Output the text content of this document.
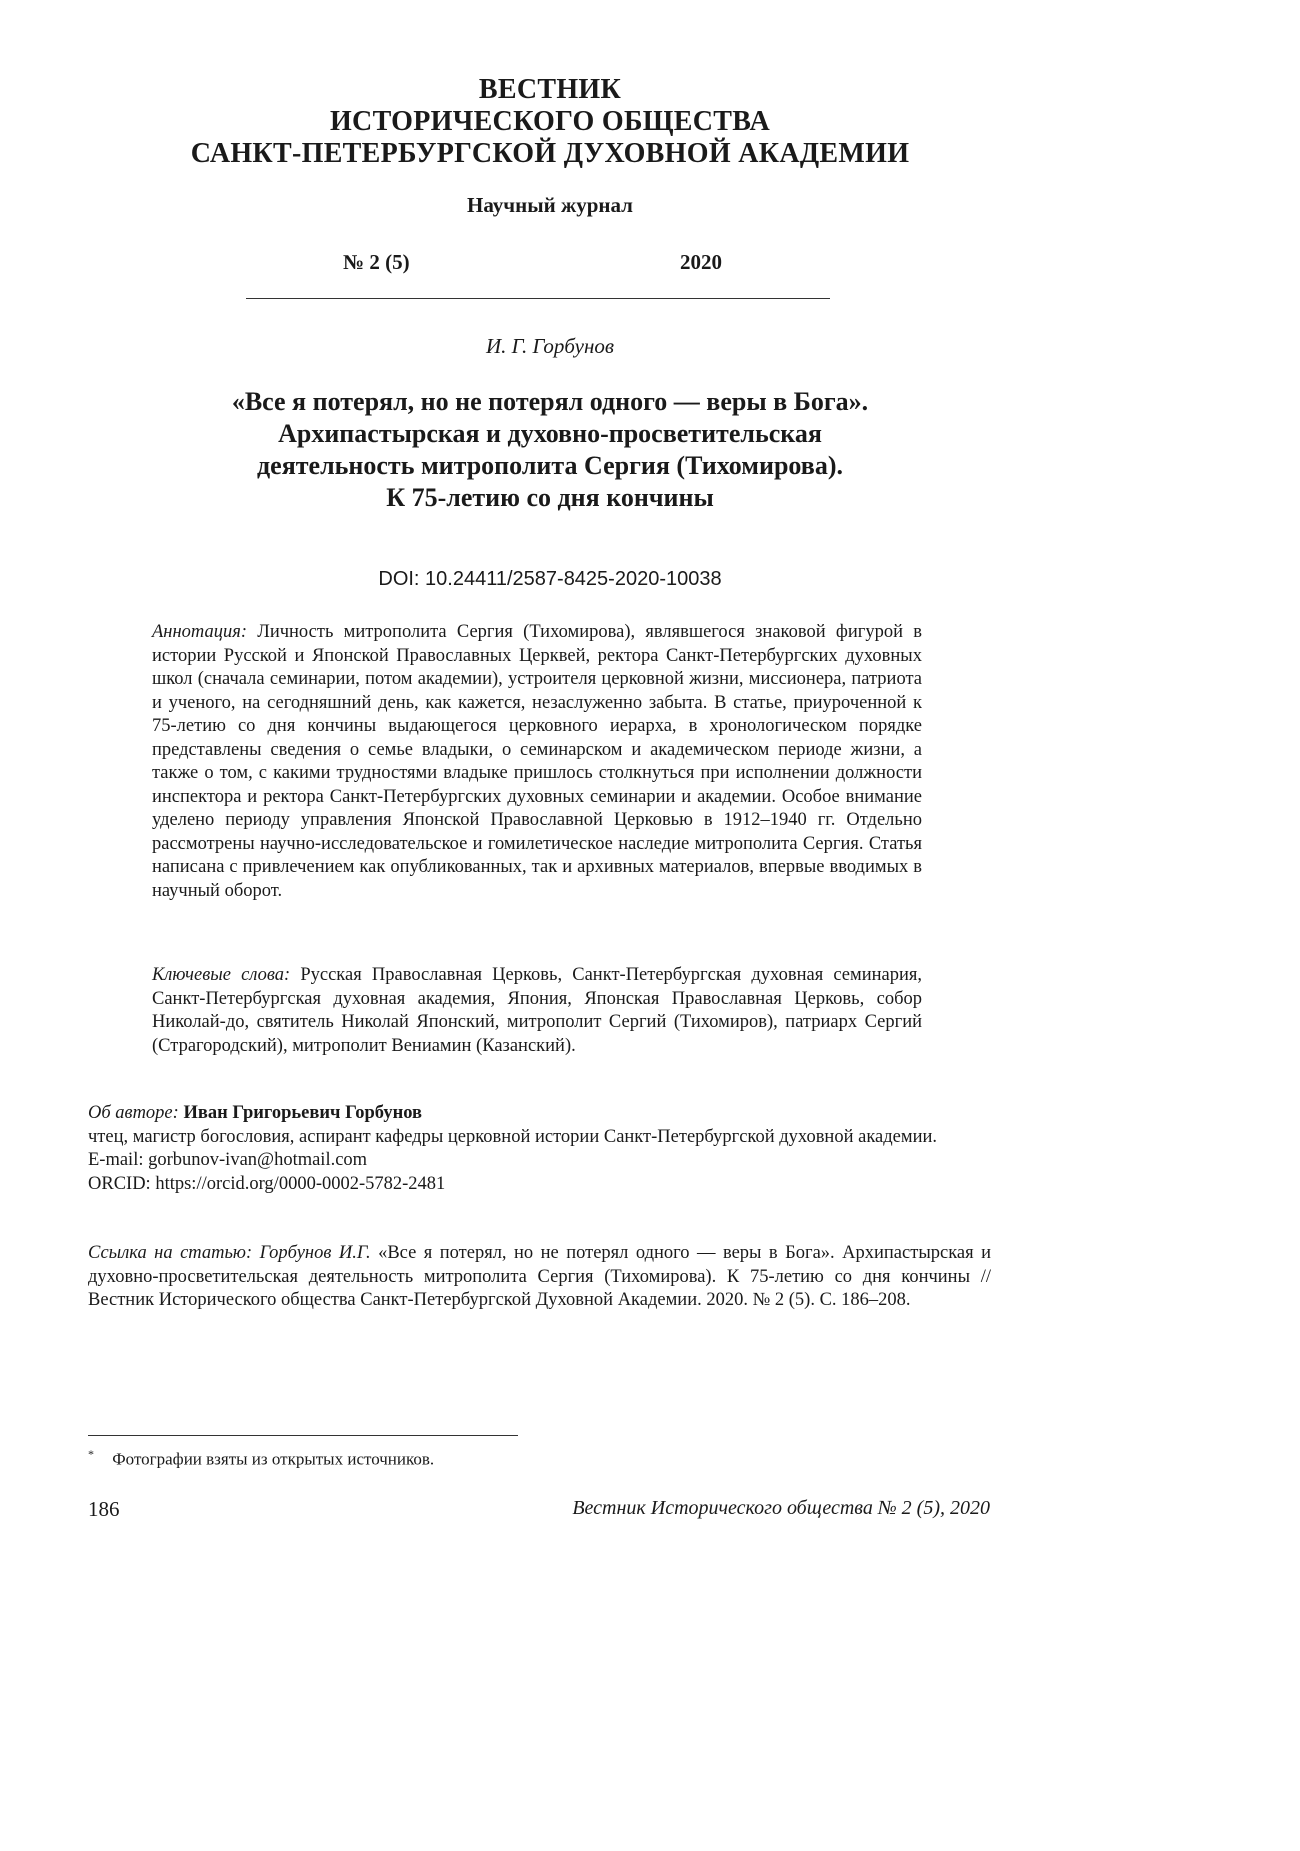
ВЕСТНИК
ИСТОРИЧЕСКОГО ОБЩЕСТВА
САНКТ-ПЕТЕРБУРГСКОЙ ДУХОВНОЙ АКАДЕМИИ
Научный журнал
№ 2 (5)	2020
И. Г. Горбунов
«Все я потерял, но не потерял одного — веры в Бога».
Архипастырская и духовно-просветительская
деятельность митрополита Сергия (Тихомирова).
К 75-летию со дня кончины
DOI: 10.24411/2587-8425-2020-10038
Аннотация: Личность митрополита Сергия (Тихомирова), являвшегося знаковой фигурой в истории Русской и Японской Православных Церквей, ректора Санкт-Петербургских духовных школ (сначала семинарии, потом академии), устроителя церковной жизни, миссионера, патриота и ученого, на сегодняшний день, как кажется, незаслуженно забыта. В статье, приуроченной к 75-летию со дня кончины выдающегося церковного иерарха, в хронологическом порядке представлены сведения о семье владыки, о семинарском и академическом периоде жизни, а также о том, с какими трудностями владыке пришлось столкнуться при исполнении должности инспектора и ректора Санкт-Петербургских духовных семинарии и академии. Особое внимание уделено периоду управления Японской Православной Церковью в 1912–1940 гг. Отдельно рассмотрены научно-исследовательское и гомилетическое наследие митрополита Сергия. Статья написана с привлечением как опубликованных, так и архивных материалов, впервые вводимых в научный оборот.
Ключевые слова: Русская Православная Церковь, Санкт-Петербургская духовная семинария, Санкт-Петербургская духовная академия, Япония, Японская Православная Церковь, собор Николай-до, святитель Николай Японский, митрополит Сергий (Тихомиров), патриарх Сергий (Страгородский), митрополит Вениамин (Казанский).
Об авторе: Иван Григорьевич Горбунов
чтец, магистр богословия, аспирант кафедры церковной истории Санкт-Петербургской духовной академии.
E-mail: gorbunov-ivan@hotmail.com
ORCID: https://orcid.org/0000-0002-5782-2481
Ссылка на статью: Горбунов И.Г. «Все я потерял, но не потерял одного — веры в Бога». Архипастырская и духовно-просветительская деятельность митрополита Сергия (Тихомирова). К 75-летию со дня кончины // Вестник Исторического общества Санкт-Петербургской Духовной Академии. 2020. № 2 (5). С. 186–208.
* Фотографии взяты из открытых источников.
186	Вестник Исторического общества № 2 (5), 2020
